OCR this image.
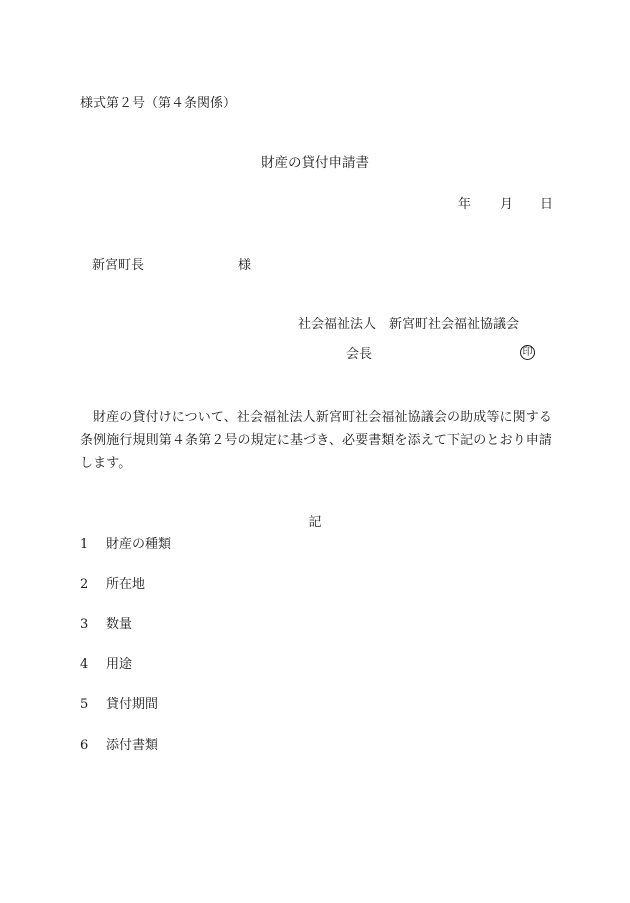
様式第２号（第４条関係）
財産の貸付申請書
年 月 日
新宮町長	様
社会福祉法人　新宮町社会福祉協議会
会長	印
財産の貸付けについて、社会福祉法人新宮町社会福祉協議会の助成等に関する条例施行規則第４条第２号の規定に基づき、必要書類を添えて下記のとおり申請します。
記
1 財産の種類
2 所在地
3 数量
4 用途
5 貸付期間
6 添付書類
